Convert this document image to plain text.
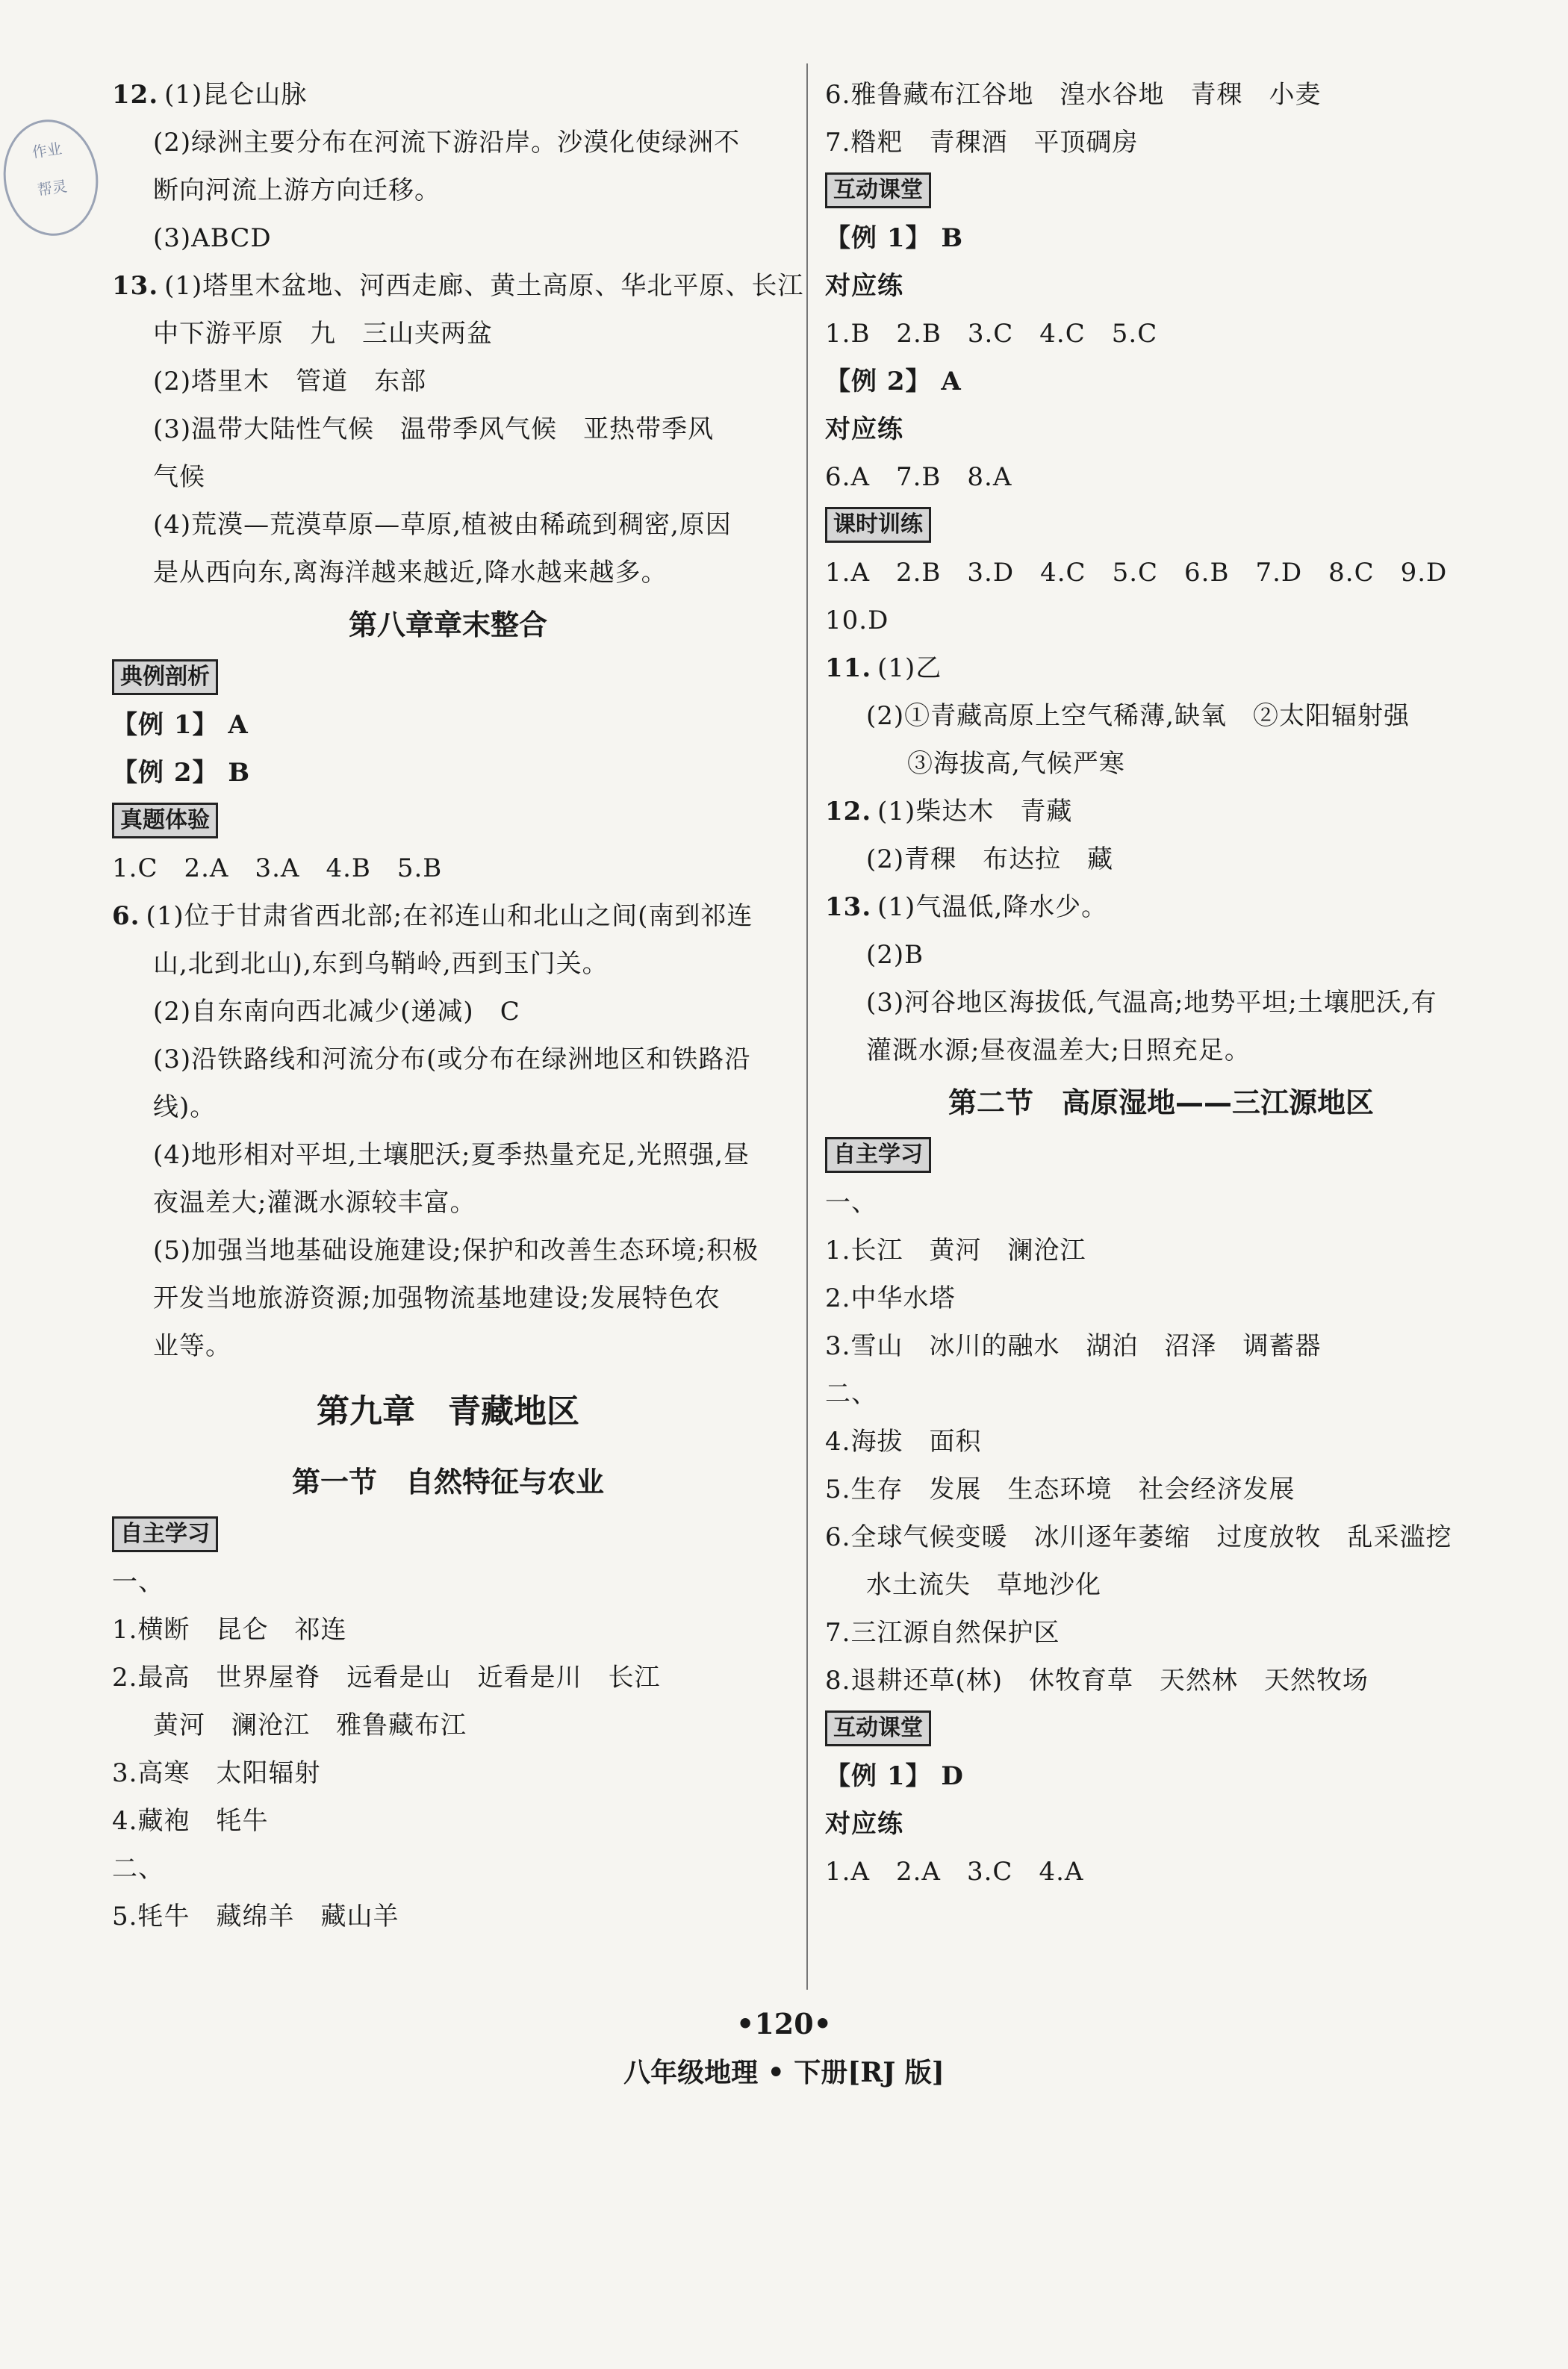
作业
帮灵
12. (1)昆仑山脉
(2)绿洲主要分布在河流下游沿岸。沙漠化使绿洲不
断向河流上游方向迁移。
(3)ABCD
13. (1)塔里木盆地、河西走廊、黄土高原、华北平原、长江
中下游平原　九　三山夹两盆
(2)塔里木　管道　东部
(3)温带大陆性气候　温带季风气候　亚热带季风
气候
(4)荒漠—荒漠草原—草原,植被由稀疏到稠密,原因
是从西向东,离海洋越来越近,降水越来越多。
第八章章末整合
典例剖析
【例 1】 A
【例 2】 B
真题体验
1.C　2.A　3.A　4.B　5.B
6. (1)位于甘肃省西北部;在祁连山和北山之间(南到祁连
山,北到北山),东到乌鞘岭,西到玉门关。
(2)自东南向西北减少(递减)　C
(3)沿铁路线和河流分布(或分布在绿洲地区和铁路沿
线)。
(4)地形相对平坦,土壤肥沃;夏季热量充足,光照强,昼
夜温差大;灌溉水源较丰富。
(5)加强当地基础设施建设;保护和改善生态环境;积极
开发当地旅游资源;加强物流基地建设;发展特色农
业等。
第九章　青藏地区
第一节　自然特征与农业
自主学习
一、
1.横断　昆仑　祁连
2.最高　世界屋脊　远看是山　近看是川　长江
黄河　澜沧江　雅鲁藏布江
3.高寒　太阳辐射
4.藏袍　牦牛
二、
5.牦牛　藏绵羊　藏山羊
6.雅鲁藏布江谷地　湟水谷地　青稞　小麦
7.糌粑　青稞酒　平顶碉房
互动课堂
【例 1】 B
对应练
1.B　2.B　3.C　4.C　5.C
【例 2】 A
对应练
6.A　7.B　8.A
课时训练
1.A　2.B　3.D　4.C　5.C　6.B　7.D　8.C　9.D
10.D
11. (1)乙
(2)①青藏高原上空气稀薄,缺氧　②太阳辐射强
③海拔高,气候严寒
12. (1)柴达木　青藏
(2)青稞　布达拉　藏
13. (1)气温低,降水少。
(2)B
(3)河谷地区海拔低,气温高;地势平坦;土壤肥沃,有
灌溉水源;昼夜温差大;日照充足。
第二节　高原湿地——三江源地区
自主学习
一、
1.长江　黄河　澜沧江
2.中华水塔
3.雪山　冰川的融水　湖泊　沼泽　调蓄器
二、
4.海拔　面积
5.生存　发展　生态环境　社会经济发展
6.全球气候变暖　冰川逐年萎缩　过度放牧　乱采滥挖
水土流失　草地沙化
7.三江源自然保护区
8.退耕还草(林)　休牧育草　天然林　天然牧场
互动课堂
【例 1】 D
对应练
1.A　2.A　3.C　4.A
•120•
八年级地理 • 下册[RJ 版]
